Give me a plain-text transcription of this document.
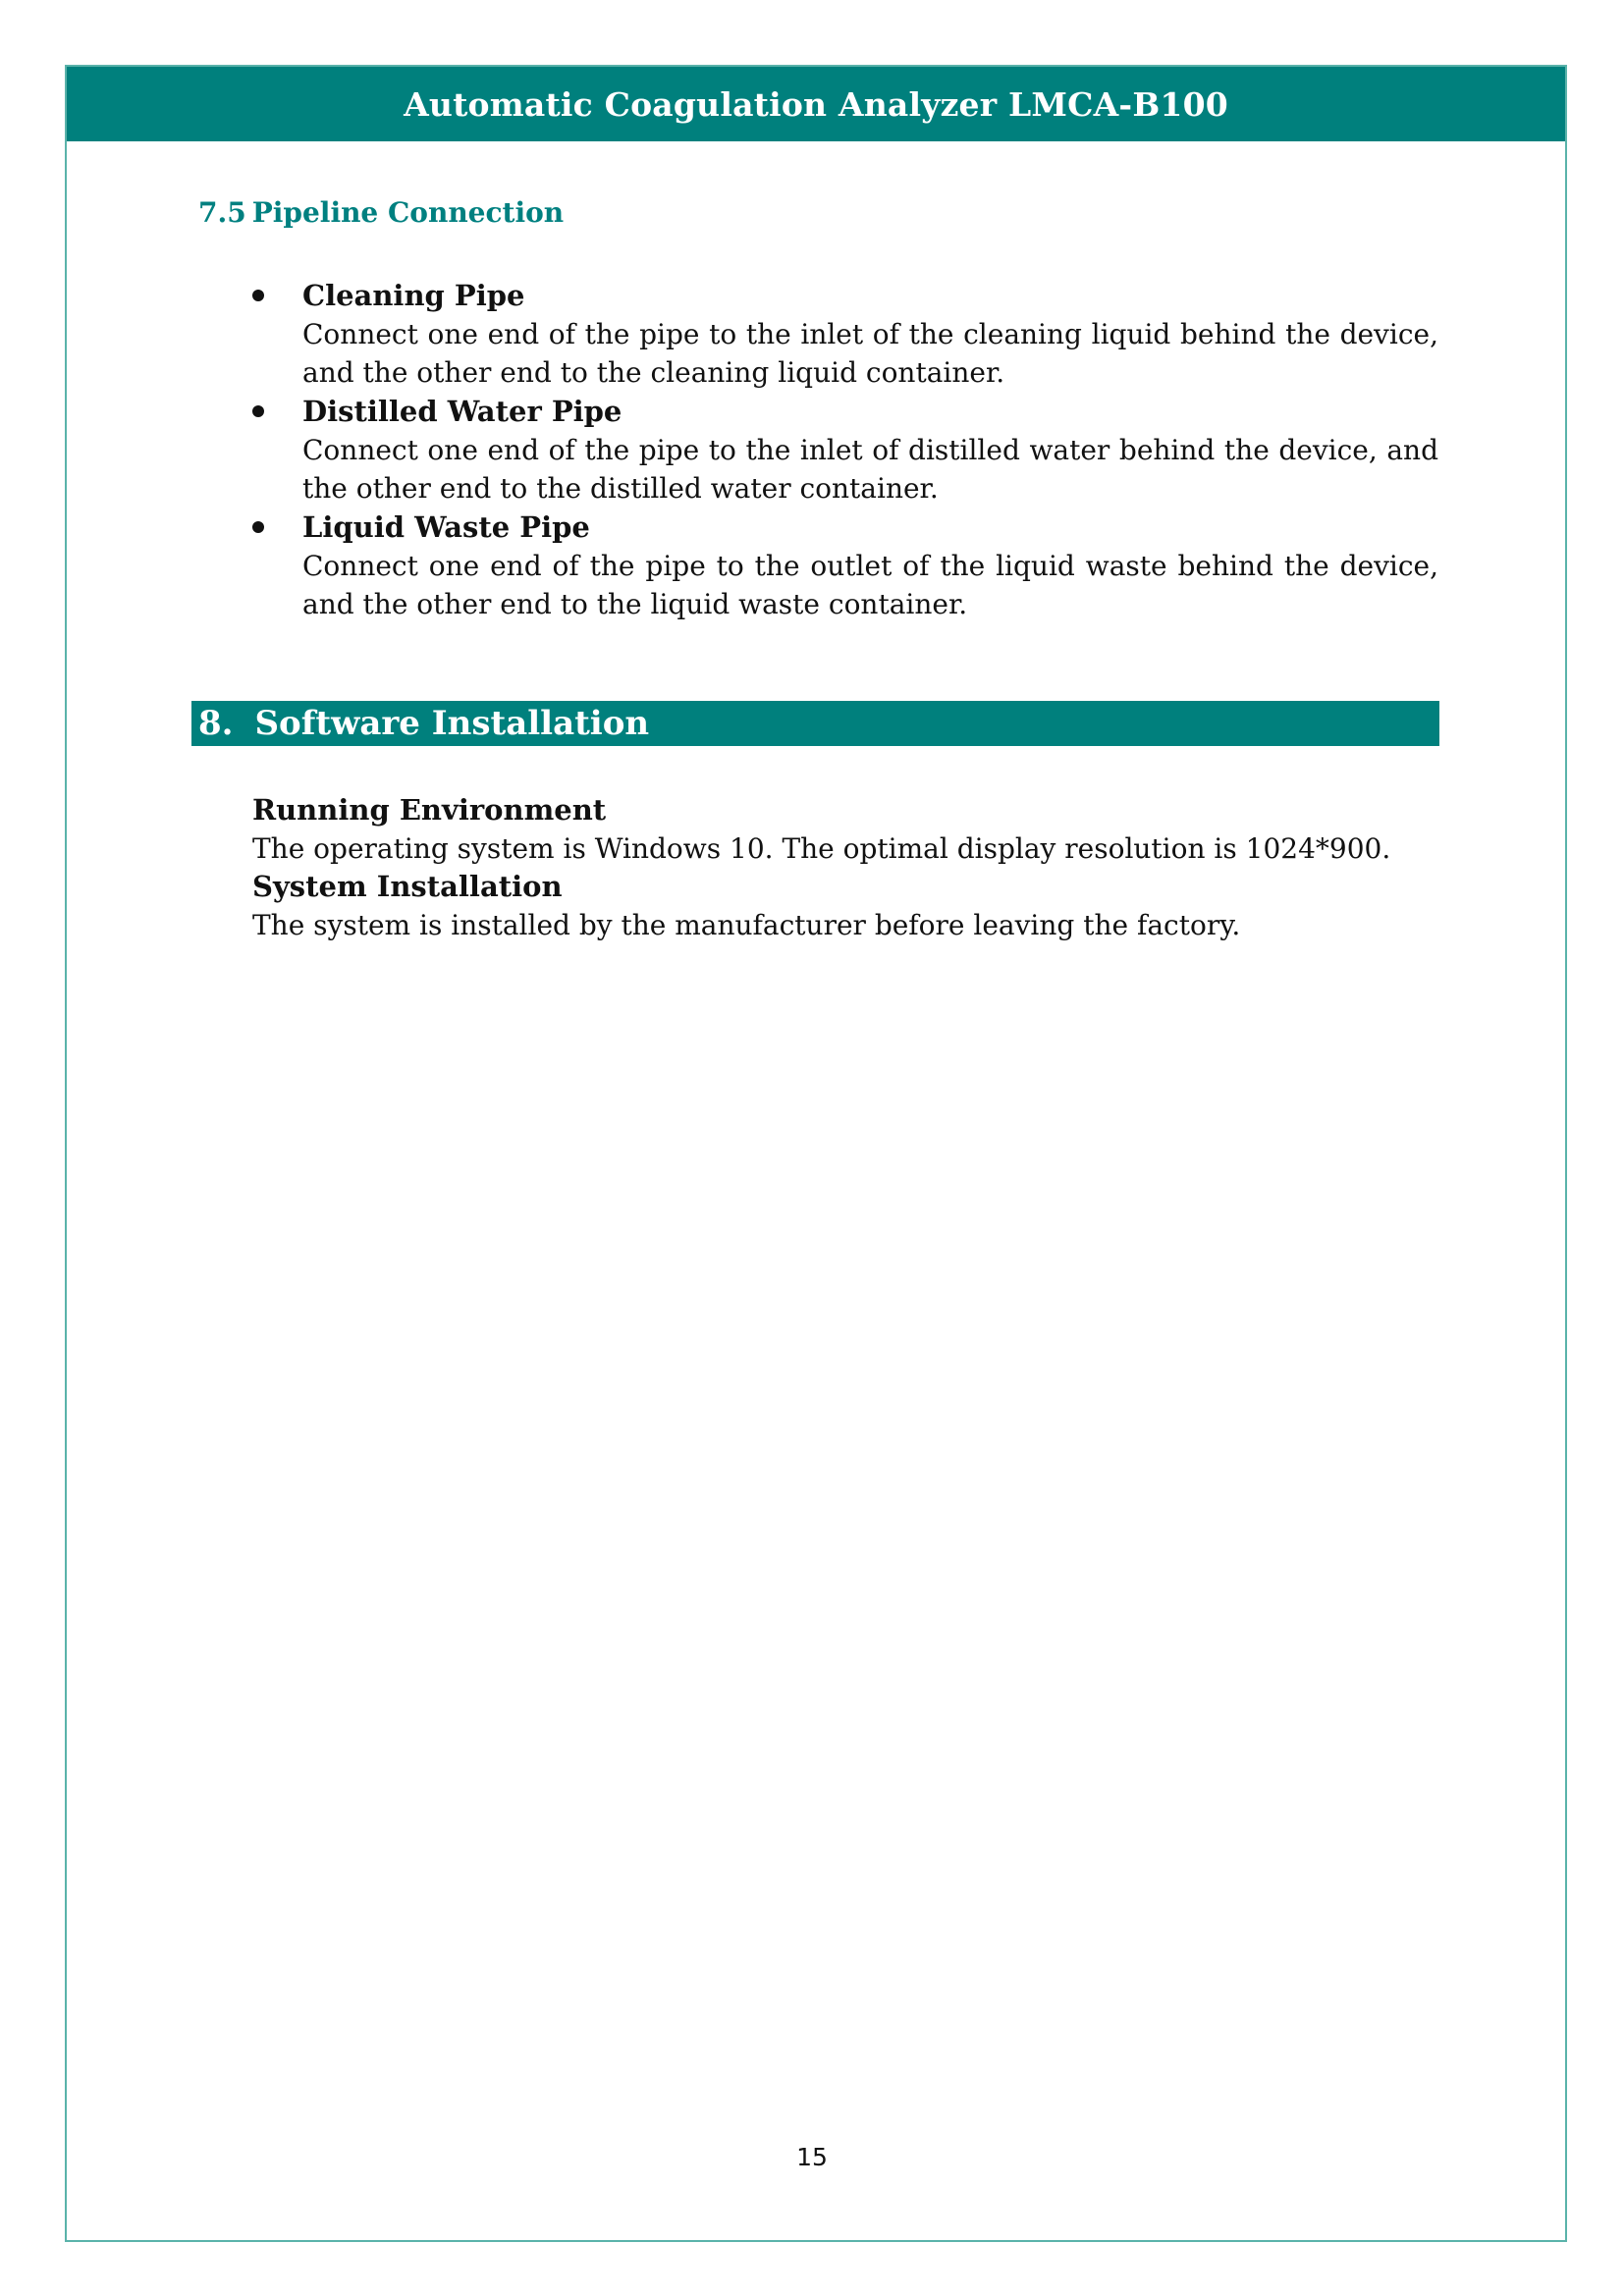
Automatic Coagulation Analyzer LMCA-B100
7.5 Pipeline Connection
Cleaning Pipe
Connect one end of the pipe to the inlet of the cleaning liquid behind the device, and the other end to the cleaning liquid container.
Distilled Water Pipe
Connect one end of the pipe to the inlet of distilled water behind the device, and the other end to the distilled water container.
Liquid Waste Pipe
Connect one end of the pipe to the outlet of the liquid waste behind the device, and the other end to the liquid waste container.
8. Software Installation
Running Environment
The operating system is Windows 10. The optimal display resolution is 1024*900.
System Installation
The system is installed by the manufacturer before leaving the factory.
15
